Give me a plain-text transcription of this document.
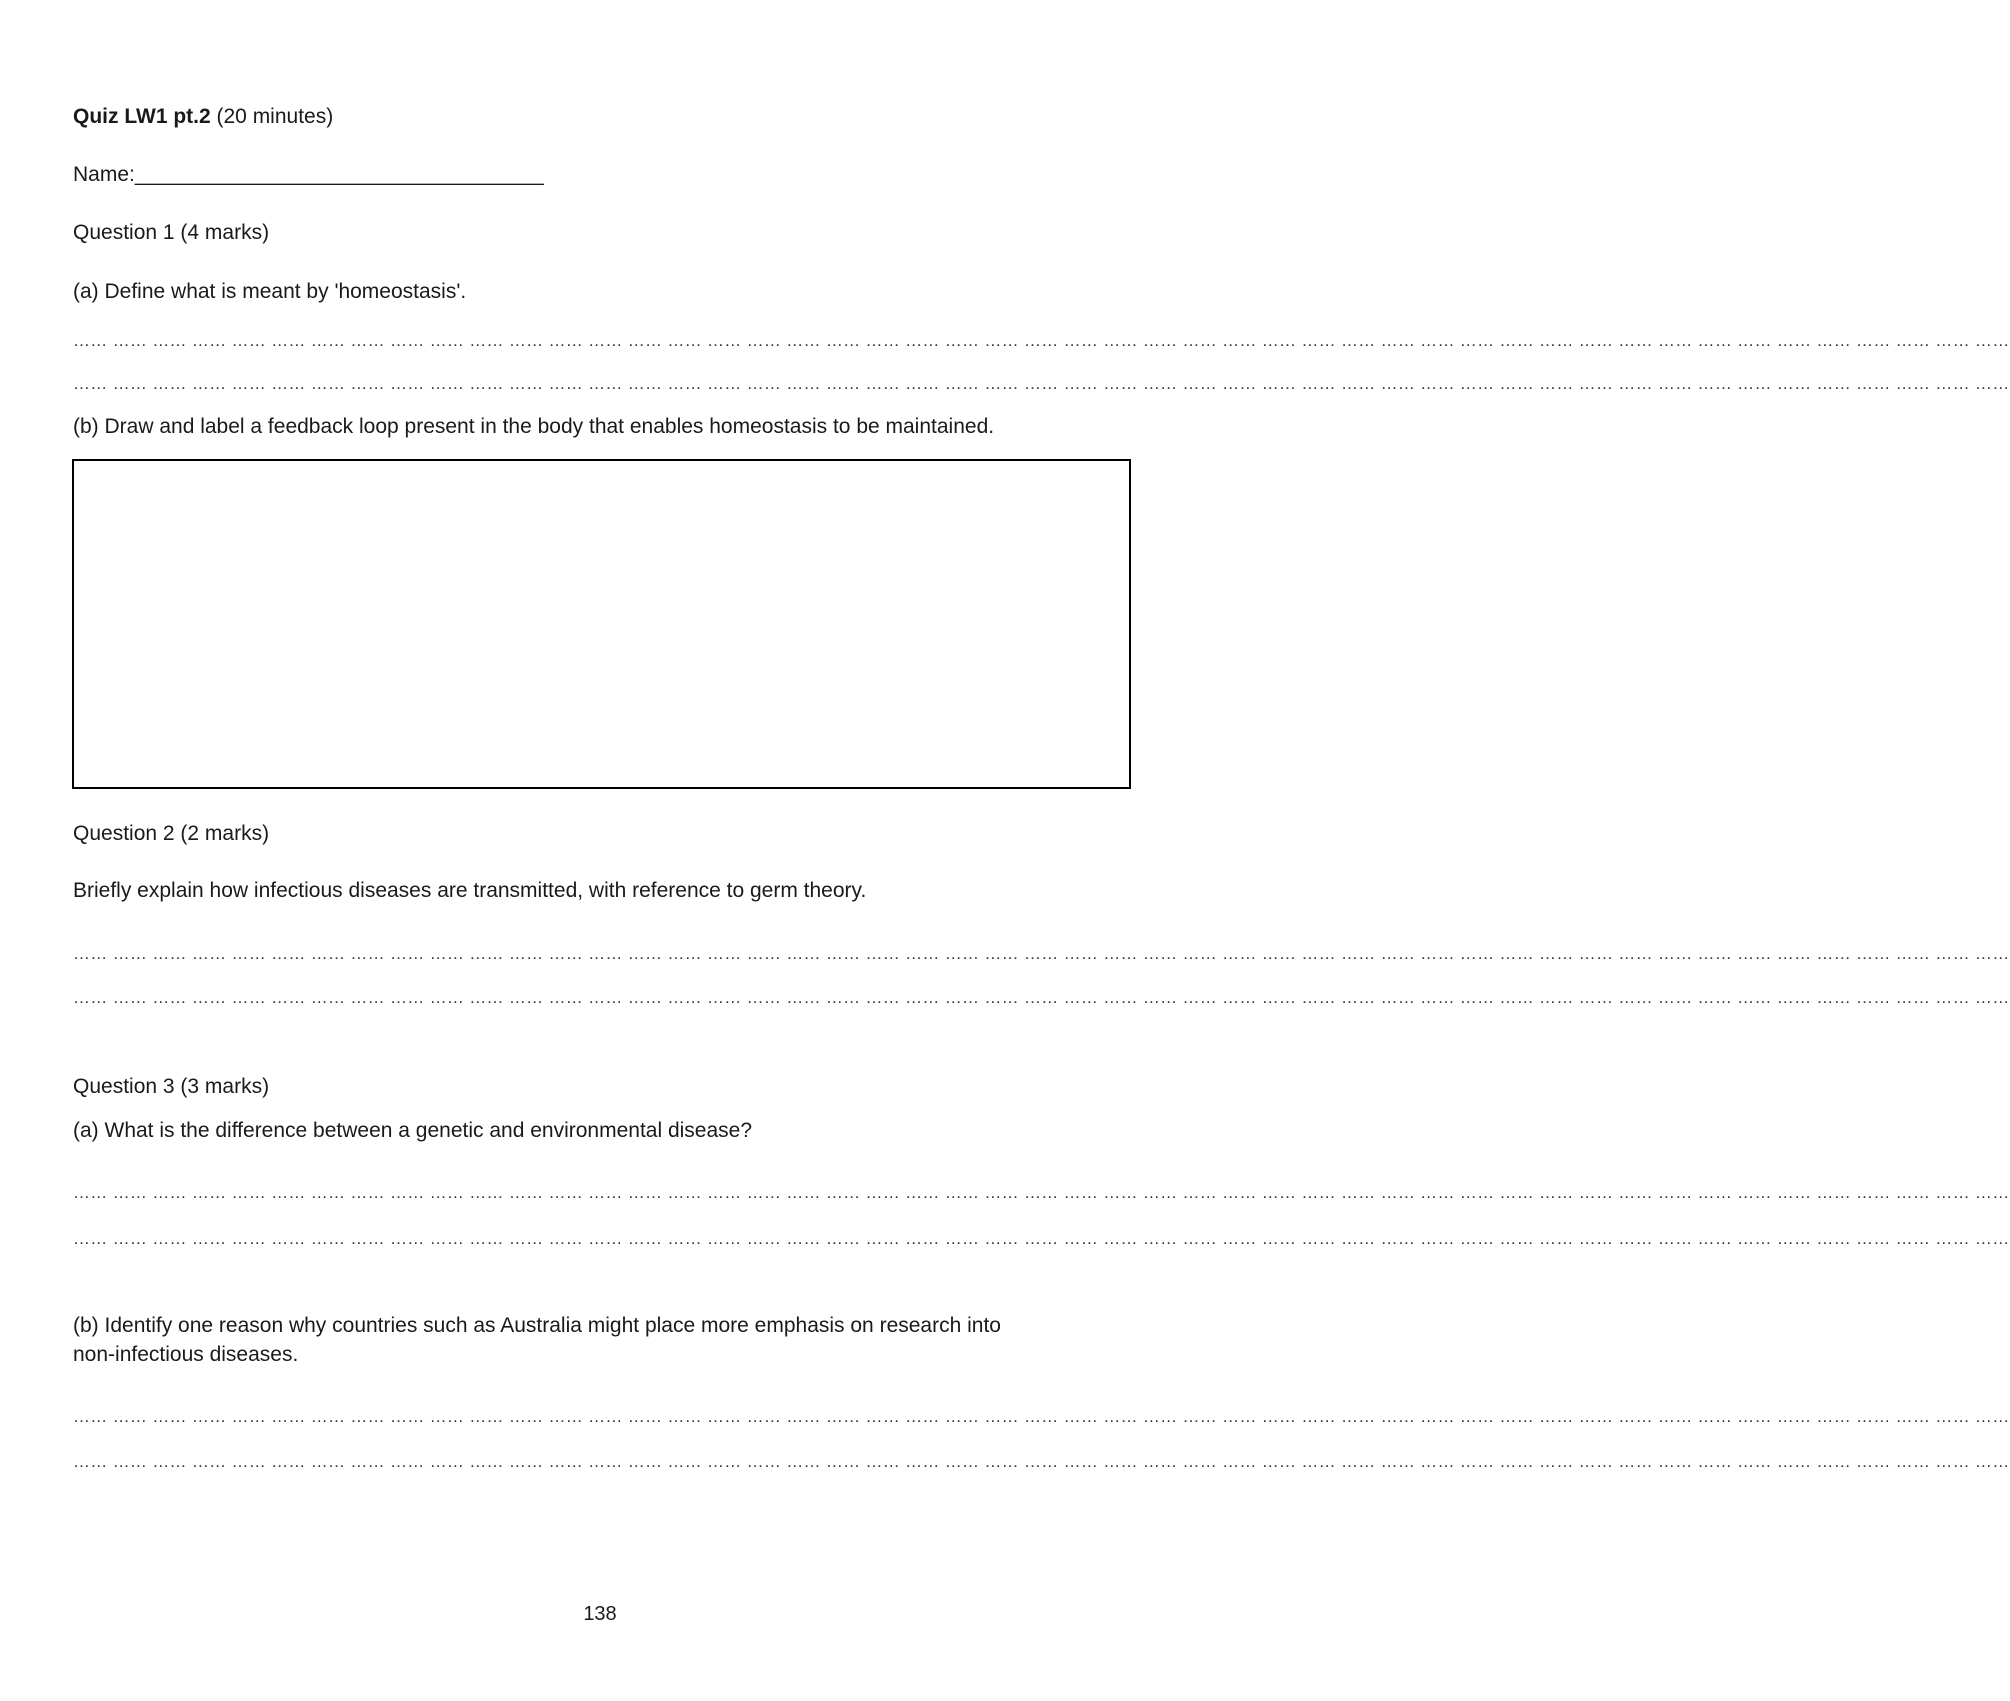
Quiz LW1 pt.2 (20 minutes)
Name:___________________________________
Question 1 (4 marks)
(a) Define what is meant by 'homeostasis'.
…… …… …… …… …… …… …… …… …… …… …… …… …… …… …… …… …… …… …… …… …… …… …… …… …… …… …… …… …… …… …… …… …… …… …… …… …… …… …… …… …… …… …… …… …… …… …… …… ……
…… …… …… …… …… …… …… …… …… …… …… …… …… …… …… …… …… …… …… …… …… …… …… …… …… …… …… …… …… …… …… …… …… …… …… …… …… …… …… …… …… …… …… …… …… …… …… …… ……
(b) Draw and label a feedback loop present in the body that enables homeostasis to be maintained.
Question 2 (2 marks)
Briefly explain how infectious diseases are transmitted, with reference to germ theory.
…… …… …… …… …… …… …… …… …… …… …… …… …… …… …… …… …… …… …… …… …… …… …… …… …… …… …… …… …… …… …… …… …… …… …… …… …… …… …… …… …… …… …… …… …… …… …… …… ……
…… …… …… …… …… …… …… …… …… …… …… …… …… …… …… …… …… …… …… …… …… …… …… …… …… …… …… …… …… …… …… …… …… …… …… …… …… …… …… …… …… …… …… …… …… …… …… …… ……
Question 3 (3 marks)
(a) What is the difference between a genetic and environmental disease?
…… …… …… …… …… …… …… …… …… …… …… …… …… …… …… …… …… …… …… …… …… …… …… …… …… …… …… …… …… …… …… …… …… …… …… …… …… …… …… …… …… …… …… …… …… …… …… …… ……
…… …… …… …… …… …… …… …… …… …… …… …… …… …… …… …… …… …… …… …… …… …… …… …… …… …… …… …… …… …… …… …… …… …… …… …… …… …… …… …… …… …… …… …… …… …… …… …… ……
(b) Identify one reason why countries such as Australia might place more emphasis on research into
non-infectious diseases.
…… …… …… …… …… …… …… …… …… …… …… …… …… …… …… …… …… …… …… …… …… …… …… …… …… …… …… …… …… …… …… …… …… …… …… …… …… …… …… …… …… …… …… …… …… …… …… …… ……
…… …… …… …… …… …… …… …… …… …… …… …… …… …… …… …… …… …… …… …… …… …… …… …… …… …… …… …… …… …… …… …… …… …… …… …… …… …… …… …… …… …… …… …… …… …… …… …… ……
138
